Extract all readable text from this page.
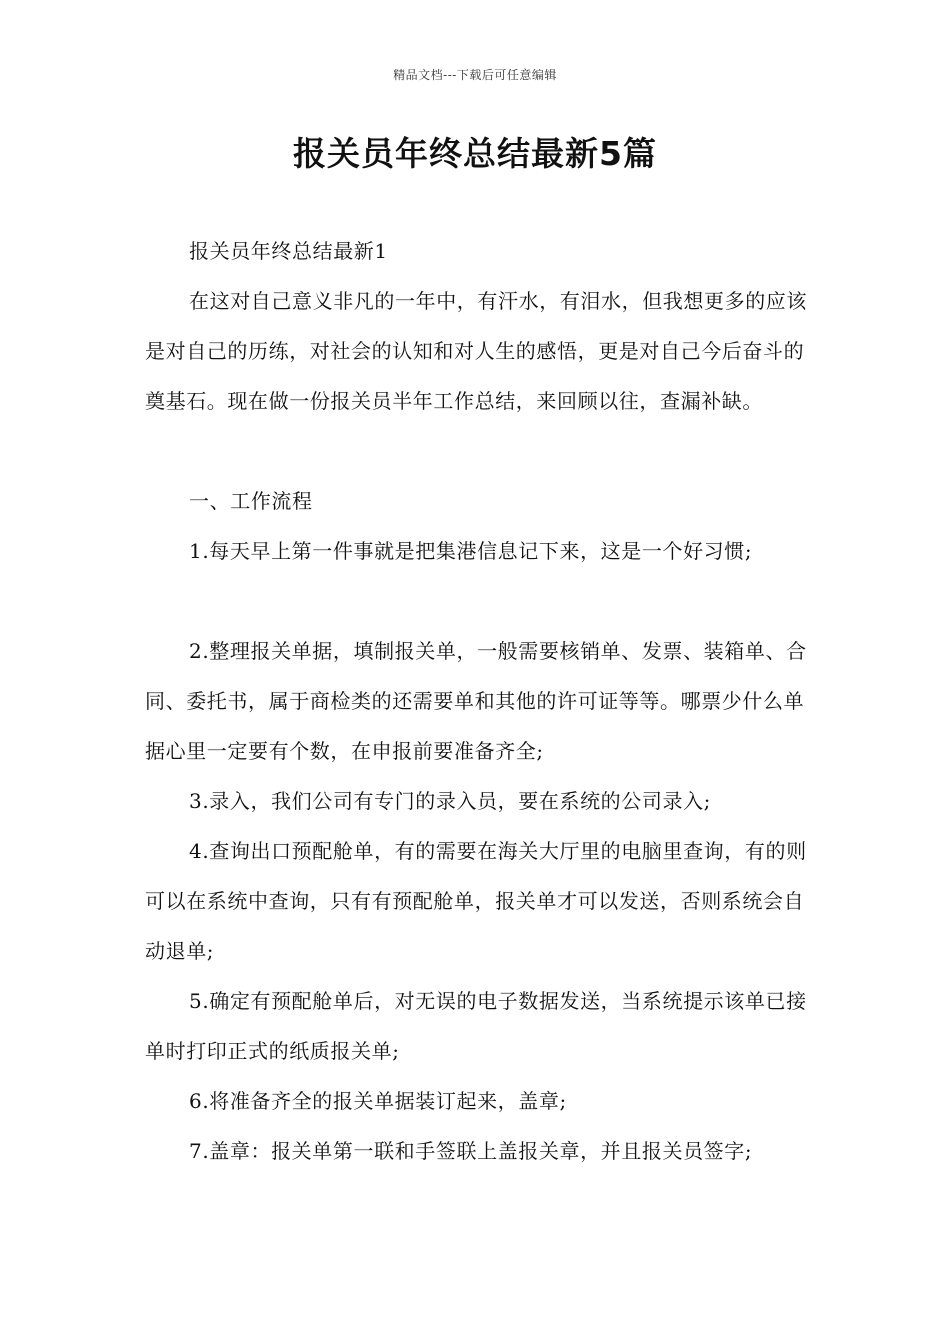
精品文档---下载后可任意编辑
报关员年终总结最新5篇

报关员年终总结最新1

在这对自己意义非凡的一年中，有汗水，有泪水，但我想更多的应该是对自己的历练，对社会的认知和对人生的感悟，更是对自己今后奋斗的奠基石。现在做一份报关员半年工作总结，来回顾以往，查漏补缺。

一、工作流程

1.每天早上第一件事就是把集港信息记下来，这是一个好习惯;

2.整理报关单据，填制报关单，一般需要核销单、发票、装箱单、合同、委托书，属于商检类的还需要单和其他的许可证等等。哪票少什么单据心里一定要有个数，在申报前要准备齐全;

3.录入，我们公司有专门的录入员，要在系统的公司录入;

4.查询出口预配舱单，有的需要在海关大厅里的电脑里查询，有的则可以在系统中查询，只有有预配舱单，报关单才可以发送，否则系统会自动退单;

5.确定有预配舱单后，对无误的电子数据发送，当系统提示该单已接单时打印正式的纸质报关单;

6.将准备齐全的报关单据装订起来，盖章;

7.盖章：报关单第一联和手签联上盖报关章，并且报关员签字;
